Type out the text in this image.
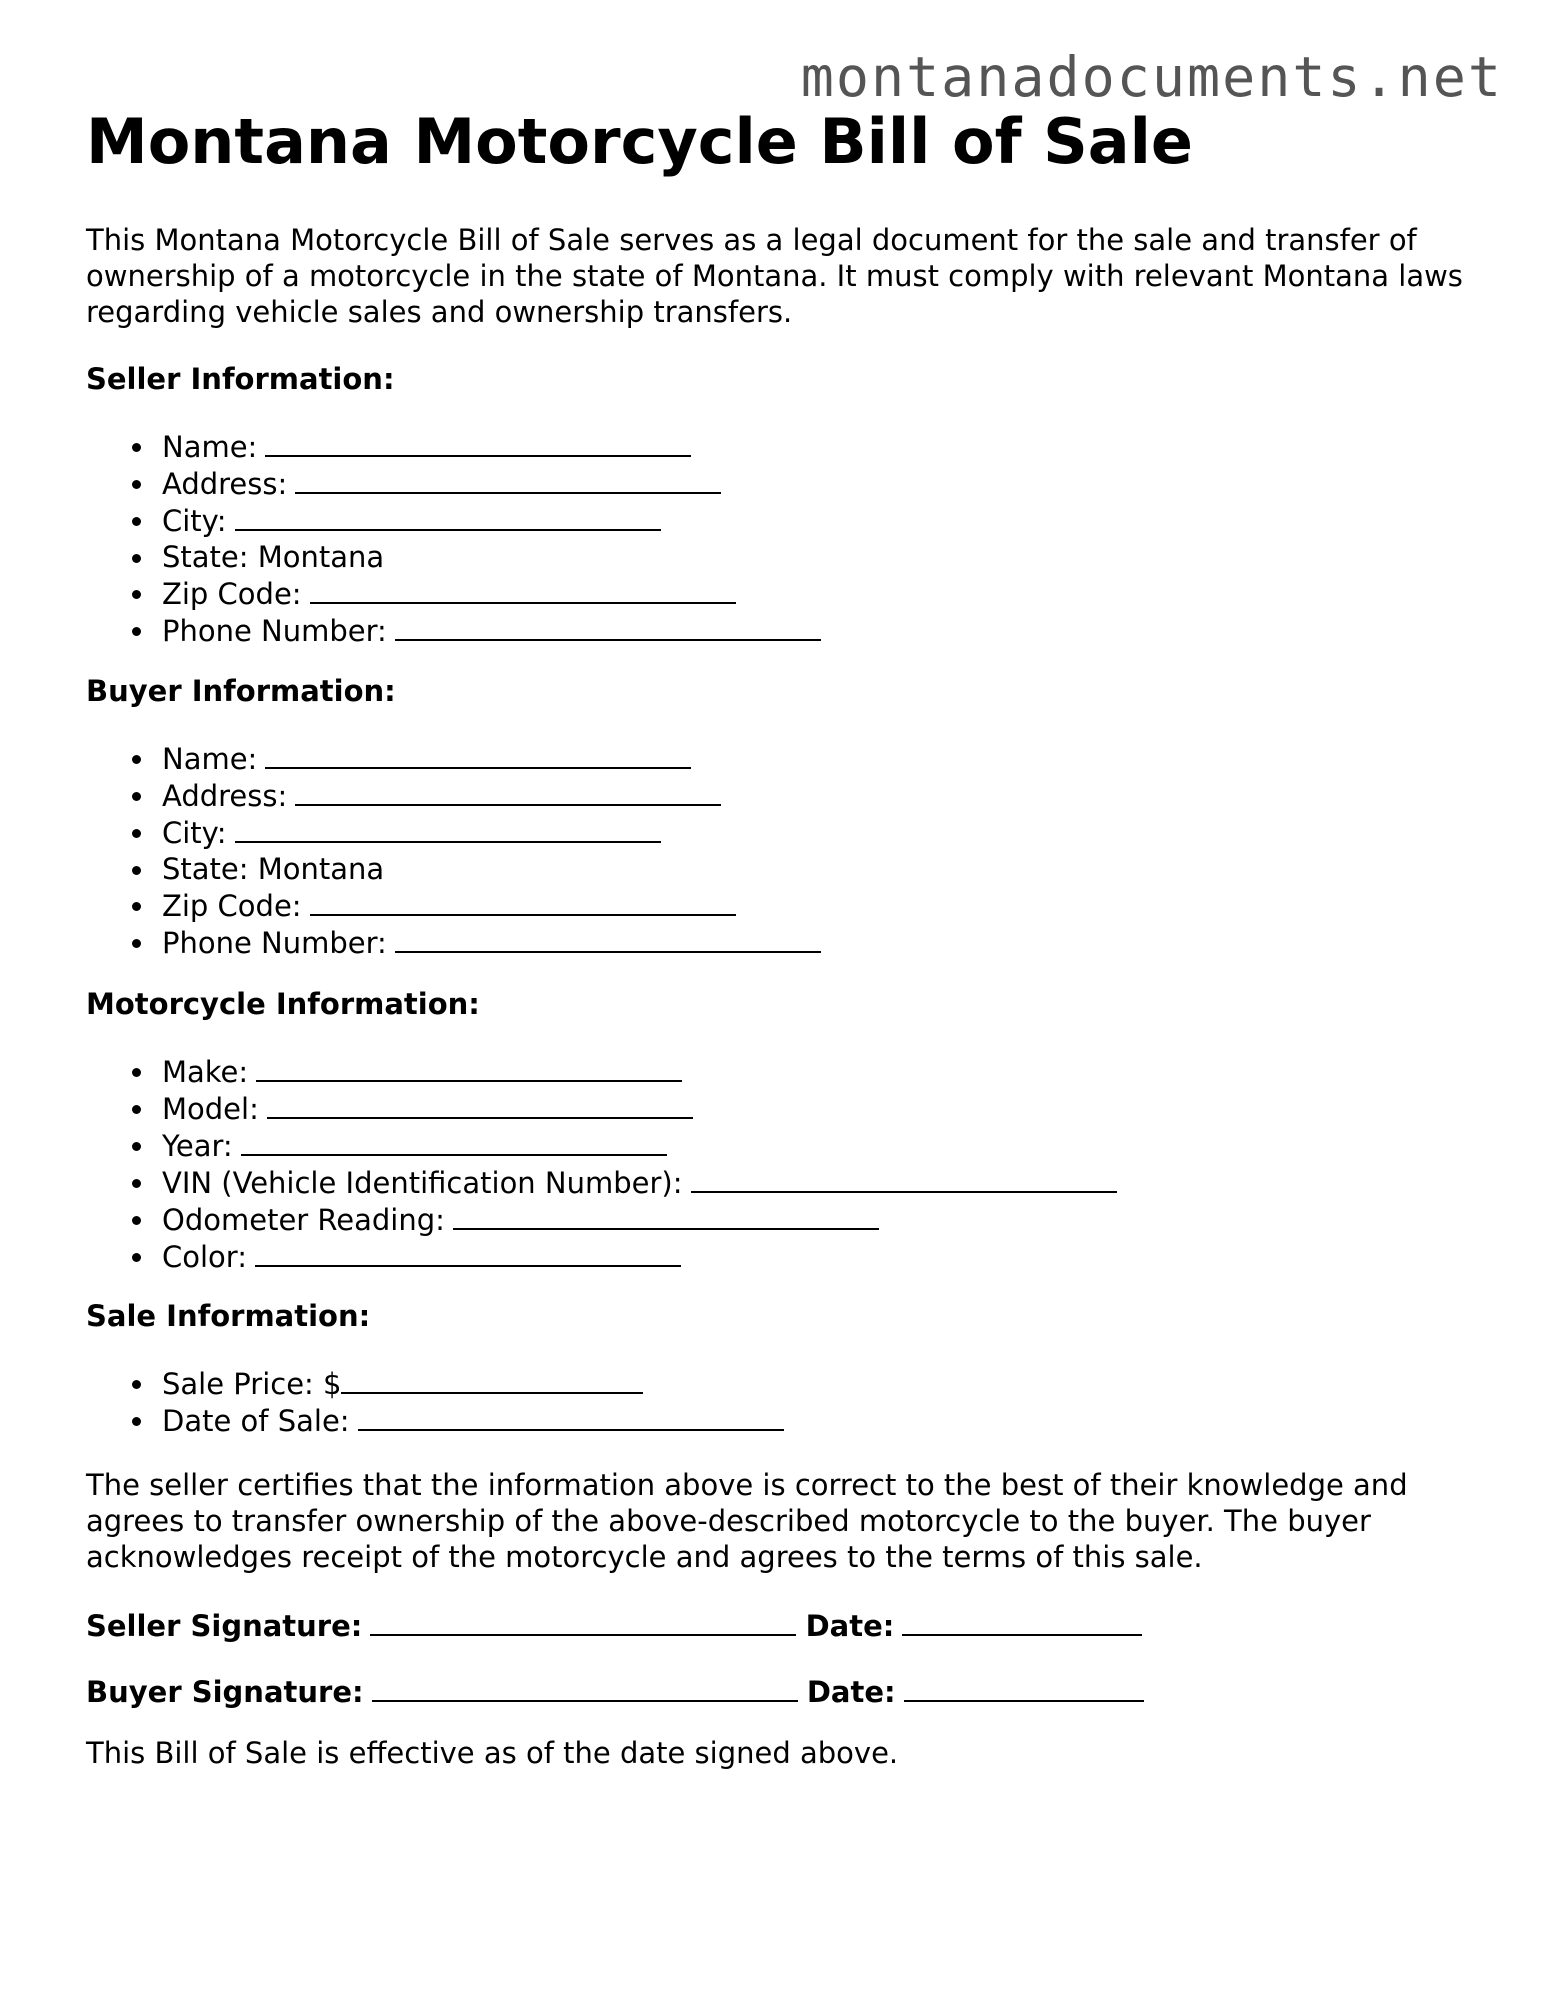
montanadocuments.net
Montana Motorcycle Bill of Sale

This Montana Motorcycle Bill of Sale serves as a legal document for the sale and transfer of ownership of a motorcycle in the state of Montana. It must comply with relevant Montana laws regarding vehicle sales and ownership transfers.

Seller Information:

Name:
Address:
City:
State: Montana
Zip Code:
Phone Number:

Buyer Information:

Name:
Address:
City:
State: Montana
Zip Code:
Phone Number:

Motorcycle Information:

Make:
Model:
Year:
VIN (Vehicle Identification Number):
Odometer Reading:
Color:

Sale Information:

Sale Price: $
Date of Sale:

The seller certifies that the information above is correct to the best of their knowledge and agrees to transfer ownership of the above-described motorcycle to the buyer. The buyer acknowledges receipt of the motorcycle and agrees to the terms of this sale.

Seller Signature:	Date:

Buyer Signature:	Date:

This Bill of Sale is effective as of the date signed above.
